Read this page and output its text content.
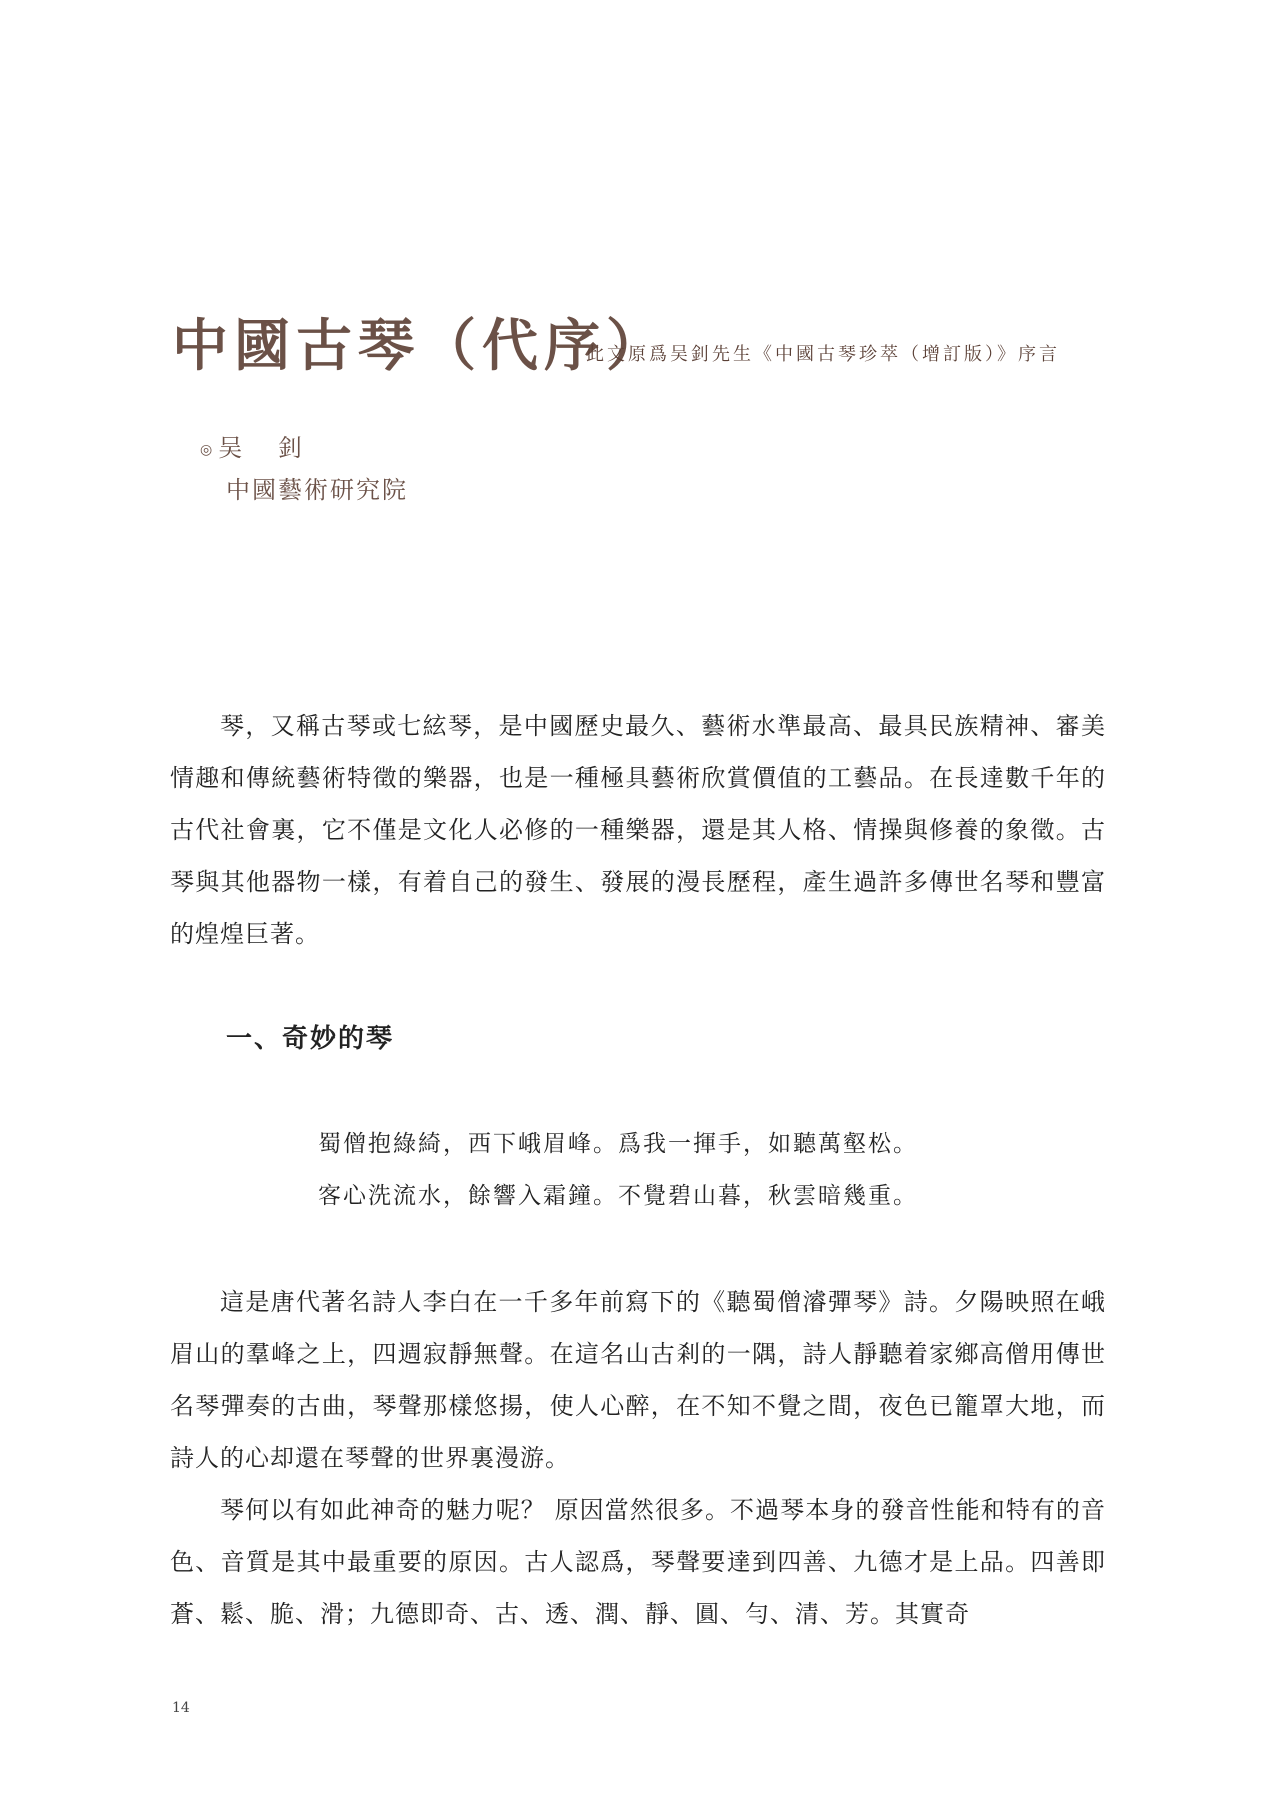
中國古琴（代序）
此文原爲吴釗先生《中國古琴珍萃（增訂版）》序言
◎ 吴　釗
中國藝術研究院

琴，又稱古琴或七絃琴，是中國歷史最久、藝術水準最高、最具民族精神、審美情趣和傳統藝術特徵的樂器，也是一種極具藝術欣賞價值的工藝品。在長達數千年的古代社會裏，它不僅是文化人必修的一種樂器，還是其人格、情操與修養的象徵。古琴與其他器物一樣，有着自己的發生、發展的漫長歷程，產生過許多傳世名琴和豐富的煌煌巨著。

一、奇妙的琴
蜀僧抱綠綺，西下峨眉峰。爲我一揮手，如聽萬壑松。
客心洗流水，餘響入霜鐘。不覺碧山暮，秋雲暗幾重。

這是唐代著名詩人李白在一千多年前寫下的《聽蜀僧濬彈琴》詩。夕陽映照在峨眉山的羣峰之上，四週寂靜無聲。在這名山古剎的一隅，詩人靜聽着家鄉高僧用傳世名琴彈奏的古曲，琴聲那樣悠揚，使人心醉，在不知不覺之間，夜色已籠罩大地，而詩人的心却還在琴聲的世界裏漫游。

琴何以有如此神奇的魅力呢？ 原因當然很多。不過琴本身的發音性能和特有的音色、音質是其中最重要的原因。古人認爲，琴聲要達到四善、九德才是上品。四善即蒼、鬆、脆、滑；九德即奇、古、透、潤、靜、圓、勻、清、芳。其實奇

14
